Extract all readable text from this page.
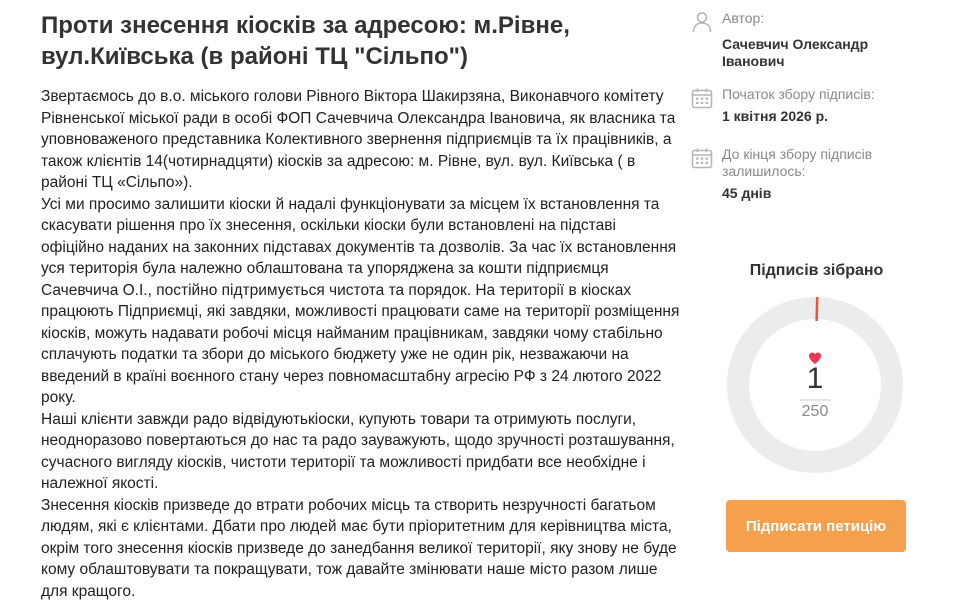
Проти знесення кіосків за адресою: м.Рівне, вул.Київська (в районі ТЦ "Сільпо")

Звертаємось до в.о. міського голови Рівного Віктора Шакирзяна, Виконавчого комітету Рівненської міської ради в особі ФОП Сачевчича Олександра Івановича, як власника та уповноваженого представника Колективного звернення підприємців та їх працівників, а також клієнтів 14(чотирнадцяти) кіосків за адресою: м. Рівне, вул. вул. Київська ( в районі ТЦ «Сільпо»).

Усі ми просимо залишити кіоски й надалі функціонувати за місцем їх встановлення та скасувати рішення про їх знесення, оскільки кіоски були встановлені на підставі офіційно наданих на законних підставах документів та дозволів. За час їх встановлення уся територія була належно облаштована та упорядженa за кошти підприємця Сачевчича О.І., постійно підтримується чистота та порядок. На території в кіосках працюють Підприємці, які завдяки, можливості працювати саме на території розміщення кіосків, можуть надавати робочі місця найманим працівникам, завдяки чому стабільно сплачують податки та збори до міського бюджету уже не один рік, незважаючи на введений в країні воєнного стану через повномасштабну агресію РФ з 24 лютого 2022 року.

Наші клієнти завжди радо відвідуютькіоски, купують товари та отримують послуги, неодноразово повертаються до нас та радо зауважують, щодо зручності розташування, сучасного вигляду кіосків, чистоти території та можливості придбати все необхідне і належної якості.

Знесення кіосків призведе до втрати робочих місць та створить незручності багатьом людям, які є клієнтами. Дбати про людей має бути пріоритетним для керівництва міста, окрім того знесення кіосків призведе до занедбання великої території, яку знову не буде кому облаштовувати та покращувати, тож давайте змінювати наше місто разом лише для кращого.

Автор:
Сачевчич Олександр Іванович
Початок збору підписів:
1 квітня 2026 р.
До кінця збору підписів залишилось:
45 днів
Підписів зібрано
1
250
Підписати петицію
